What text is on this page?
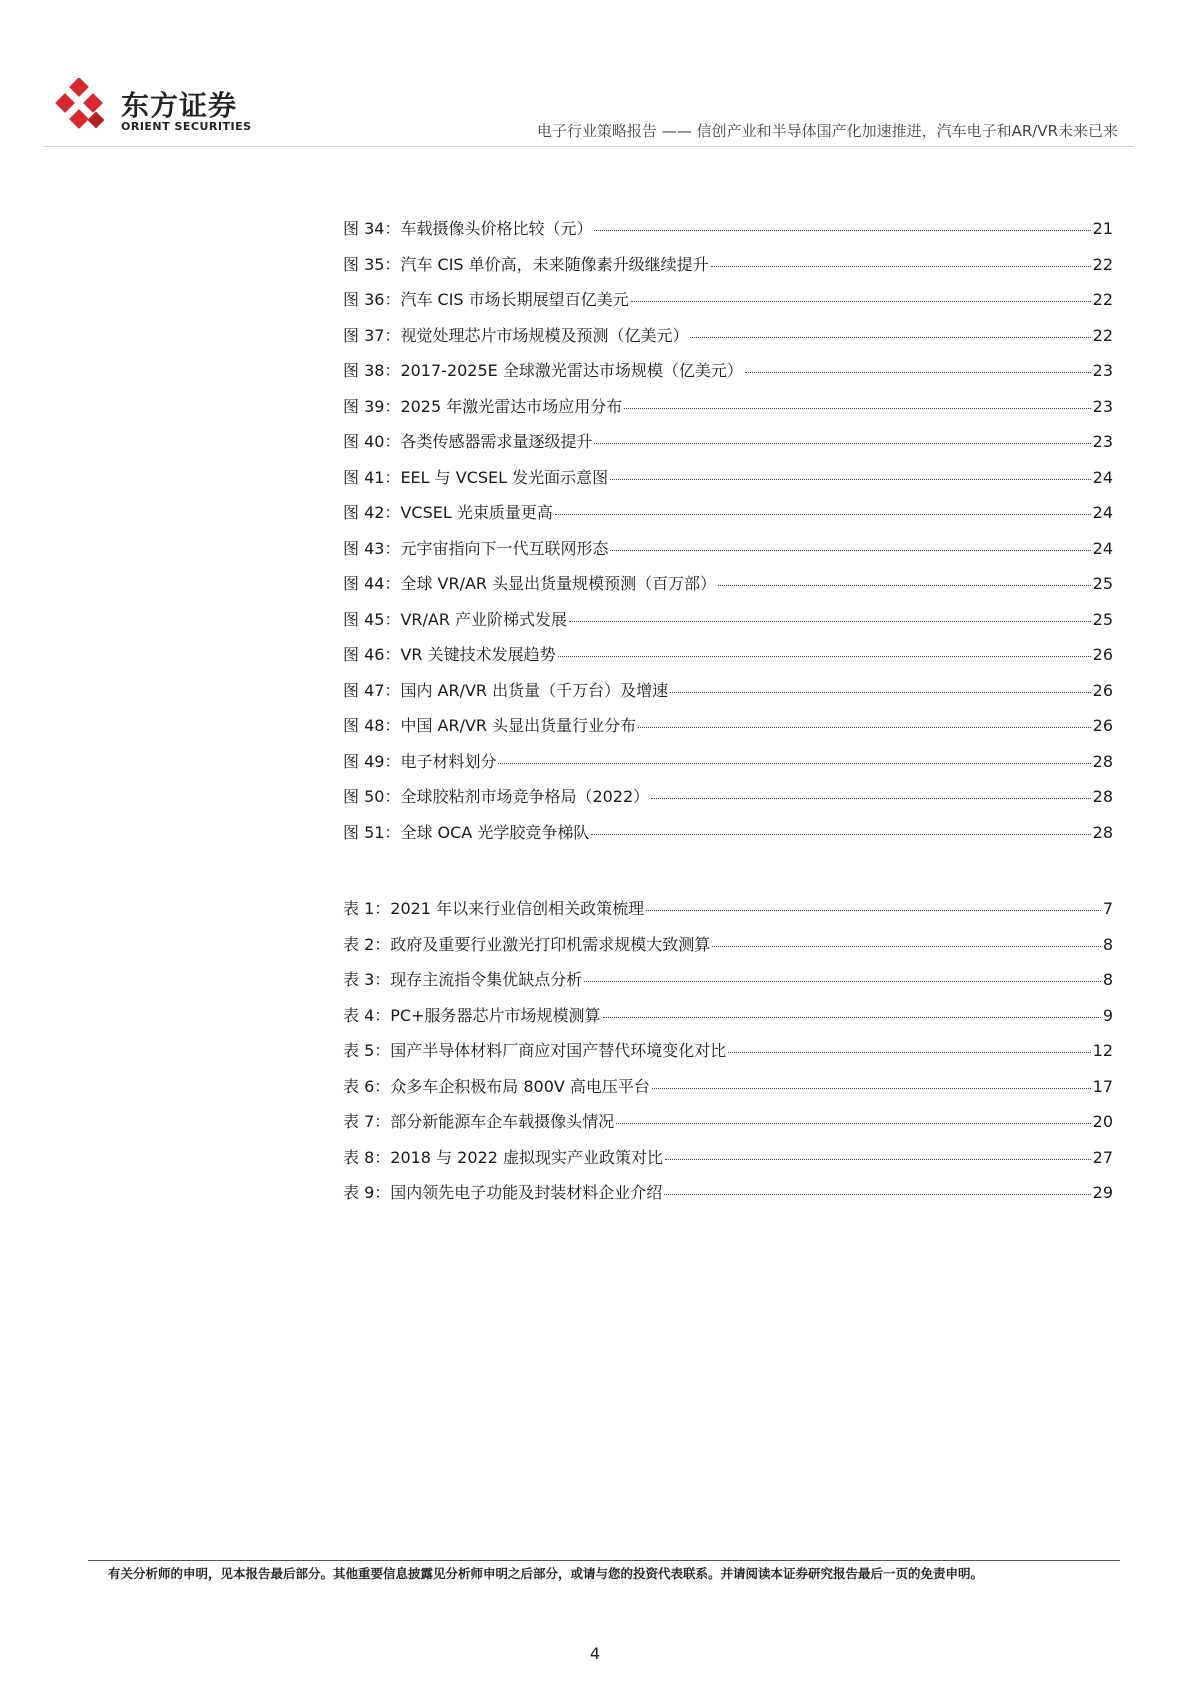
东方证券
ORIENT SECURITIES	电子行业策略报告 —— 信创产业和半导体国产化加速推进，汽车电子和AR/VR未来已来
图 34：车载摄像头价格比较（元）	21
图 35：汽车 CIS 单价高，未来随像素升级继续提升	22
图 36：汽车 CIS 市场长期展望百亿美元	22
图 37：视觉处理芯片市场规模及预测（亿美元）	22
图 38：2017-2025E 全球激光雷达市场规模（亿美元）	23
图 39：2025 年激光雷达市场应用分布	23
图 40：各类传感器需求量逐级提升	23
图 41：EEL 与 VCSEL 发光面示意图	24
图 42：VCSEL 光束质量更高	24
图 43：元宇宙指向下一代互联网形态	24
图 44：全球 VR/AR 头显出货量规模预测（百万部）	25
图 45：VR/AR 产业阶梯式发展	25
图 46：VR 关键技术发展趋势	26
图 47：国内 AR/VR 出货量（千万台）及增速	26
图 48：中国 AR/VR 头显出货量行业分布	26
图 49：电子材料划分	28
图 50：全球胶粘剂市场竞争格局（2022）	28
图 51：全球 OCA 光学胶竞争梯队	28
表 1：2021 年以来行业信创相关政策梳理	7
表 2：政府及重要行业激光打印机需求规模大致测算	8
表 3：现存主流指令集优缺点分析	8
表 4：PC+服务器芯片市场规模测算	9
表 5：国产半导体材料厂商应对国产替代环境变化对比	12
表 6：众多车企积极布局 800V 高电压平台	17
表 7：部分新能源车企车载摄像头情况	20
表 8：2018 与 2022 虚拟现实产业政策对比	27
表 9：国内领先电子功能及封装材料企业介绍	29
有关分析师的申明，见本报告最后部分。其他重要信息披露见分析师申明之后部分，或请与您的投资代表联系。并请阅读本证券研究报告最后一页的免责申明。
4
